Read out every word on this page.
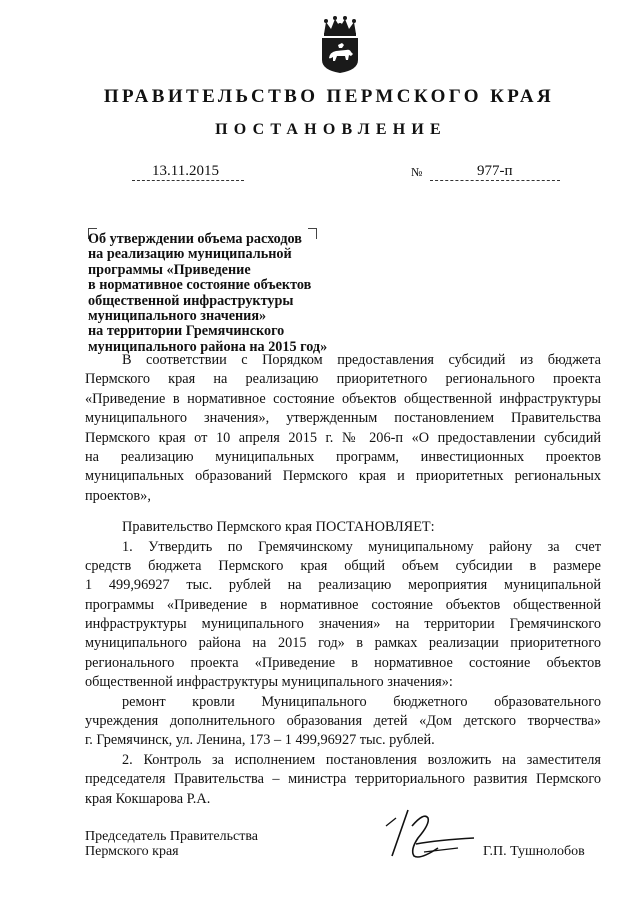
ПРАВИТЕЛЬСТВО ПЕРМСКОГО КРАЯ
ПОСТАНОВЛЕНИЕ
13.11.2015	№	977-п
Об утверждении объема расходов
на реализацию муниципальной
программы «Приведение
в нормативное состояние объектов
общественной инфраструктуры
муниципального значения»
на территории Гремячинского
муниципального района на 2015 год»
В соответствии с Порядком предоставления субсидий из бюджета
Пермского края на реализацию приоритетного регионального проекта
«Приведение в нормативное состояние объектов общественной инфраструктуры
муниципального значения», утвержденным постановлением Правительства
Пермского края от 10 апреля 2015 г. № 206-п «О предоставлении субсидий
на реализацию муниципальных программ, инвестиционных проектов
муниципальных образований Пермского края и приоритетных региональных
проектов»,
Правительство Пермского края ПОСТАНОВЛЯЕТ:
1. Утвердить по Гремячинскому муниципальному району за счет
средств бюджета Пермского края общий объем субсидии в размере
1 499,96927 тыс. рублей на реализацию мероприятия муниципальной
программы «Приведение в нормативное состояние объектов общественной
инфраструктуры муниципального значения» на территории Гремячинского
муниципального района на 2015 год» в рамках реализации приоритетного
регионального проекта «Приведение в нормативное состояние объектов
общественной инфраструктуры муниципального значения»:
ремонт кровли Муниципального бюджетного образовательного
учреждения дополнительного образования детей «Дом детского творчества»
г. Гремячинск, ул. Ленина, 173 – 1 499,96927 тыс. рублей.
2. Контроль за исполнением постановления возложить на заместителя
председателя Правительства – министра территориального развития Пермского
края Кокшарова Р.А.
Председатель Правительства
Пермского края	Г.П. Тушнолобов
